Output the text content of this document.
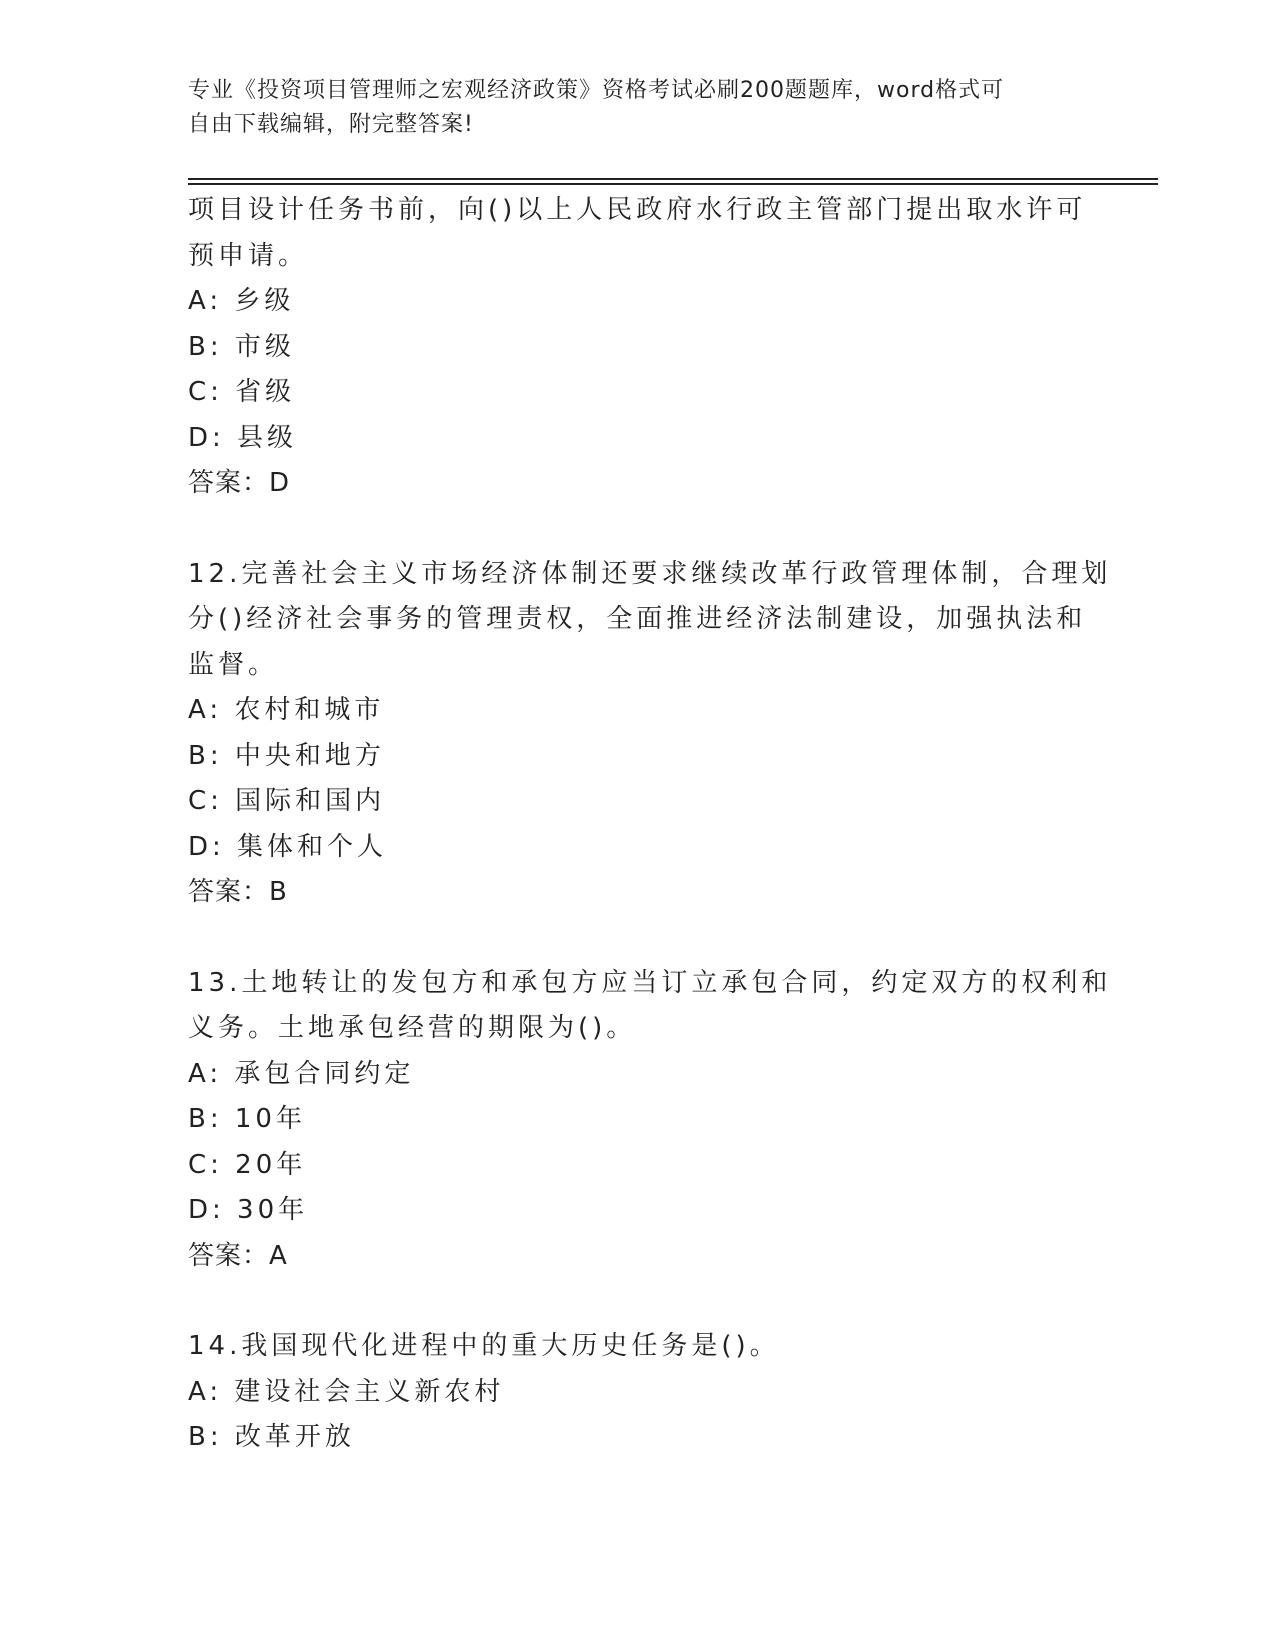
专业《投资项目管理师之宏观经济政策》资格考试必刷200题题库，word格式可
自由下载编辑，附完整答案!
项目设计任务书前，向()以上人民政府水行政主管部门提出取水许可
预申请。
A: 乡级
B: 市级
C: 省级
D: 县级
答案：D
12.完善社会主义市场经济体制还要求继续改革行政管理体制，合理划
分()经济社会事务的管理责权，全面推进经济法制建设，加强执法和
监督。
A: 农村和城市
B: 中央和地方
C: 国际和国内
D: 集体和个人
答案：B
13.土地转让的发包方和承包方应当订立承包合同，约定双方的权利和
义务。土地承包经营的期限为()。
A: 承包合同约定
B: 10年
C: 20年
D: 30年
答案：A
14.我国现代化进程中的重大历史任务是()。
A: 建设社会主义新农村
B: 改革开放
